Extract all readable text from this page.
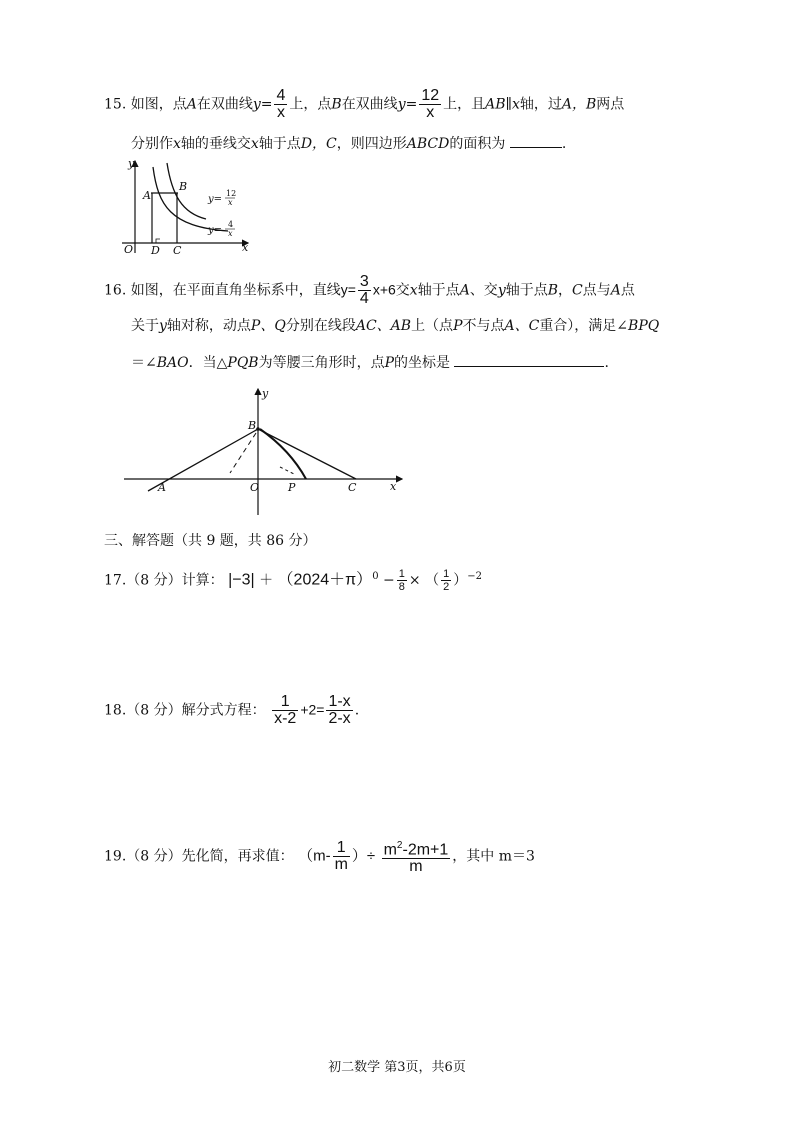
15. 如图，点A在双曲线$y= \frac{4}{x}$ 上，点B在双曲线$y= \frac{12}{x}$ 上，且AB∥x轴，过A，B两点
分别作x轴的垂线交x轴于点D，C，则四边形ABCD的面积为	.
y
x
O
A
B
D C
y=
12
x
y=
4
x
16. 如图，在平面直角坐标系中，直线$y= \frac{3}{4} x+6$交x轴于点A、交y轴于点B，C点与A点
关于y轴对称，动点P、Q分别在线段AC、AB上（点P不与点A、C重合），满足∠BPQ
＝∠BAO．当△PQB为等腰三角形时，点P的坐标是	.
y
x
B
A	O	P	C
三、解答题（共 9 题，共 86 分）
17.（8 分）计算： $|-3| + (2024+\pi)^0 - \frac{1}{8}$ × （ $\frac{1}{2} )^{-2}$
18.（8 分）解分式方程： $\frac{1}{x-2} +2= \frac{1-x}{2-x}$ .
19.（8 分）先化简，再求值： （$m- \frac{1}{m}$ ）÷ $\frac{m^2-2m+1}{m}$ ，其中 m＝3
初二数学 第3页，共6页
